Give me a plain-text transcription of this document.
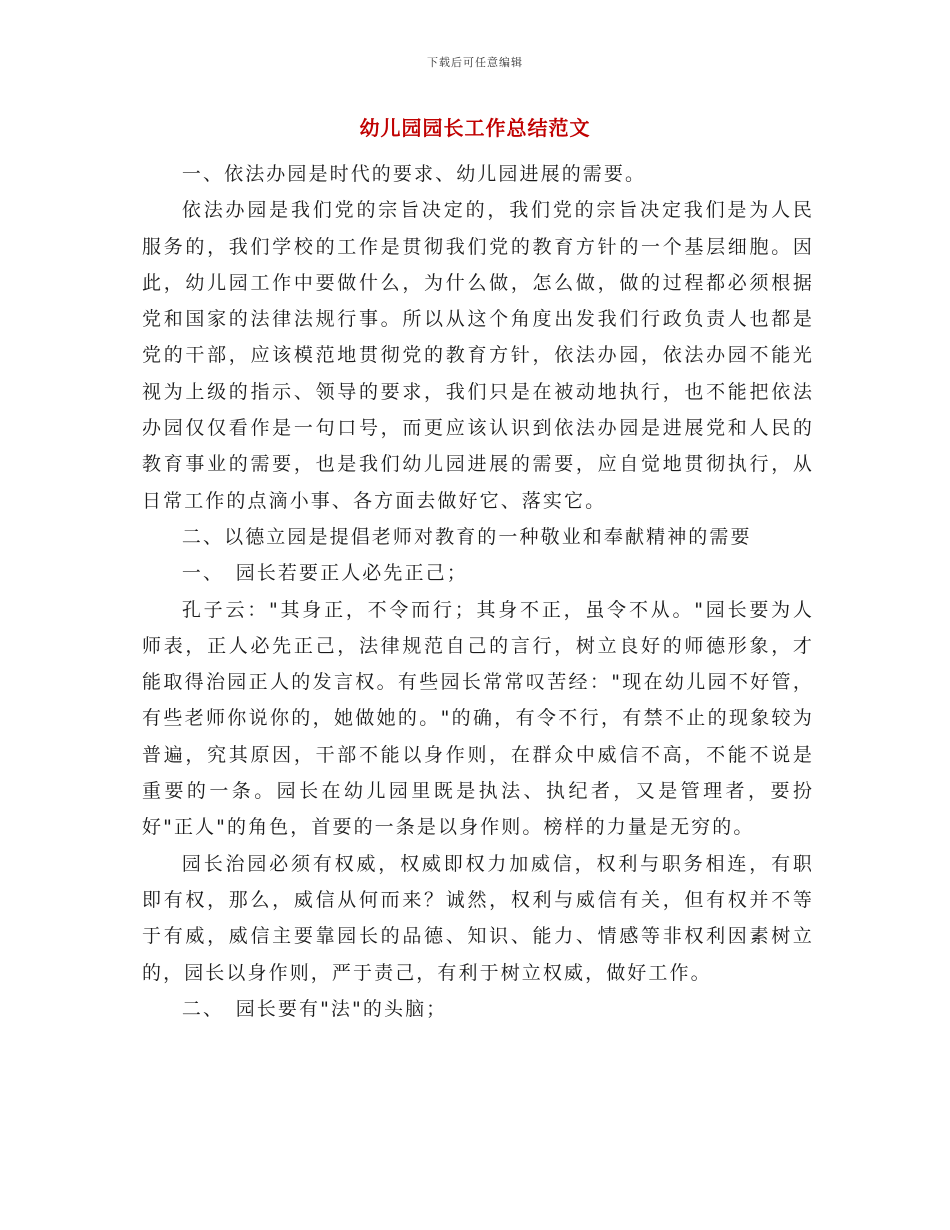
下载后可任意编辑
幼儿园园长工作总结范文

一、依法办园是时代的要求、幼儿园进展的需要。

依法办园是我们党的宗旨决定的，我们党的宗旨决定我们是为人民服务的，我们学校的工作是贯彻我们党的教育方针的一个基层细胞。因此，幼儿园工作中要做什么，为什么做，怎么做，做的过程都必须根据党和国家的法律法规行事。所以从这个角度出发我们行政负责人也都是党的干部，应该模范地贯彻党的教育方针，依法办园，依法办园不能光视为上级的指示、领导的要求，我们只是在被动地执行，也不能把依法办园仅仅看作是一句口号，而更应该认识到依法办园是进展党和人民的教育事业的需要，也是我们幼儿园进展的需要，应自觉地贯彻执行，从日常工作的点滴小事、各方面去做好它、落实它。

二、以德立园是提倡老师对教育的一种敬业和奉献精神的需要

一、　园长若要正人必先正己；

孔子云："其身正，不令而行；其身不正，虽令不从。"园长要为人师表，正人必先正己，法律规范自己的言行，树立良好的师德形象，才能取得治园正人的发言权。有些园长常常叹苦经："现在幼儿园不好管，有些老师你说你的，她做她的。"的确，有令不行，有禁不止的现象较为普遍，究其原因，干部不能以身作则，在群众中威信不高，不能不说是重要的一条。园长在幼儿园里既是执法、执纪者，又是管理者，要扮好"正人"的角色，首要的一条是以身作则。榜样的力量是无穷的。

园长治园必须有权威，权威即权力加威信，权利与职务相连，有职即有权，那么，威信从何而来？诚然，权利与威信有关，但有权并不等于有威，威信主要靠园长的品德、知识、能力、情感等非权利因素树立的，园长以身作则，严于责己，有利于树立权威，做好工作。

二、　园长要有"法"的头脑；
